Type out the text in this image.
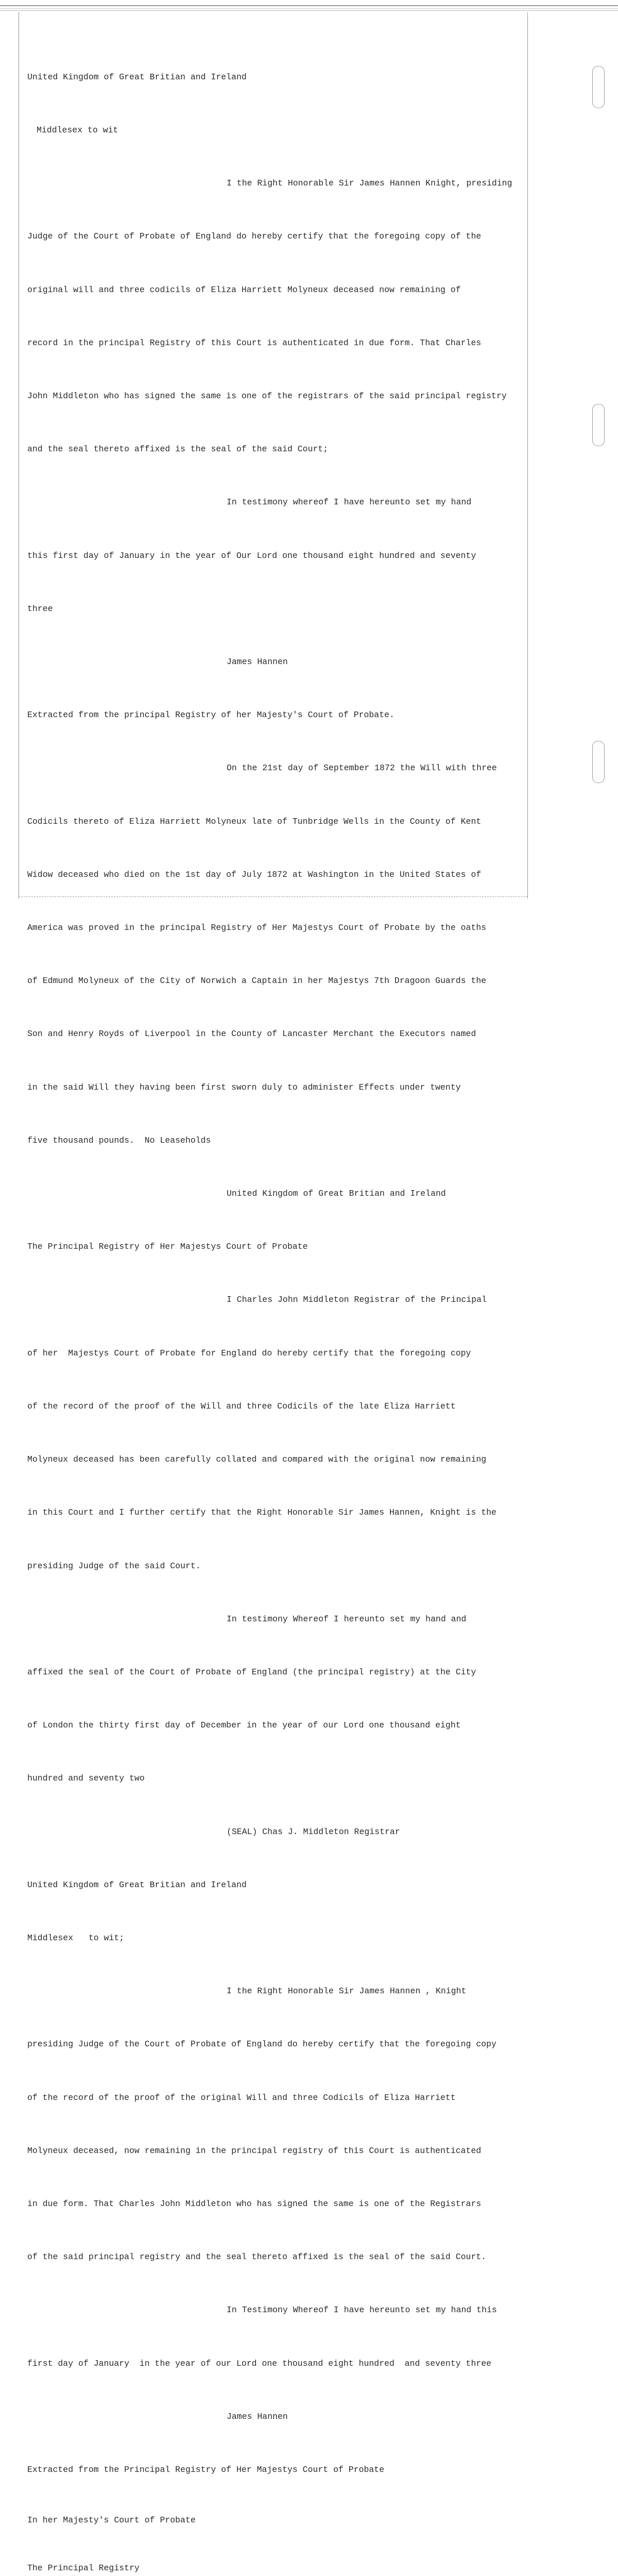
United Kingdom of Great Britian and Ireland

Middlesex to wit

I the Right Honorable Sir James Hannen Knight, presiding

Judge of the Court of Probate of England do hereby certify that the foregoing copy of the

original will and three codicils of Eliza Harriett Molyneux deceased now remaining of

record in the principal Registry of this Court is authenticated in due form. That Charles

John Middleton who has signed the same is one of the registrars of the said principal registry

and the seal thereto affixed is the seal of the said Court;

In testimony whereof I have hereunto set my hand

this first day of January in the year of Our Lord one thousand eight hundred and seventy

three

James Hannen

Extracted from the principal Registry of her Majesty's Court of Probate.

On the 21st day of September 1872 the Will with three

Codicils thereto of Eliza Harriett Molyneux late of Tunbridge Wells in the County of Kent

Widow deceased who died on the 1st day of July 1872 at Washington in the United States of

America was proved in the principal Registry of Her Majestys Court of Probate by the oaths

of Edmund Molyneux of the City of Norwich a Captain in her Majestys 7th Dragoon Guards the

Son and Henry Royds of Liverpool in the County of Lancaster Merchant the Executors named

in the said Will they having been first sworn duly to administer Effects under twenty

five thousand pounds.  No Leaseholds

United Kingdom of Great Britian and Ireland

The Principal Registry of Her Majestys Court of Probate

I Charles John Middleton Registrar of the Principal

of her  Majestys Court of Probate for England do hereby certify that the foregoing copy

of the record of the proof of the Will and three Codicils of the late Eliza Harriett

Molyneux deceased has been carefully collated and compared with the original now remaining

in this Court and I further certify that the Right Honorable Sir James Hannen, Knight is the

presiding Judge of the said Court.

In testimony Whereof I hereunto set my hand and

affixed the seal of the Court of Probate of England (the principal registry) at the City

of London the thirty first day of December in the year of our Lord one thousand eight

hundred and seventy two

(SEAL) Chas J. Middleton Registrar

United Kingdom of Great Britian and Ireland

Middlesex   to wit;

I the Right Honorable Sir James Hannen , Knight

presiding Judge of the Court of Probate of England do hereby certify that the foregoing copy

of the record of the proof of the original Will and three Codicils of Eliza Harriett

Molyneux deceased, now remaining in the principal registry of this Court is authenticated

in due form. That Charles John Middleton who has signed the same is one of the Registrars

of the said principal registry and the seal thereto affixed is the seal of the said Court.

In Testimony Whereof I have hereunto set my hand this

first day of January  in the year of our Lord one thousand eight hundred  and seventy three

James Hannen

Extracted from the Principal Registry of Her Majestys Court of Probate

In her Majesty's Court of Probate

The Principal Registry
